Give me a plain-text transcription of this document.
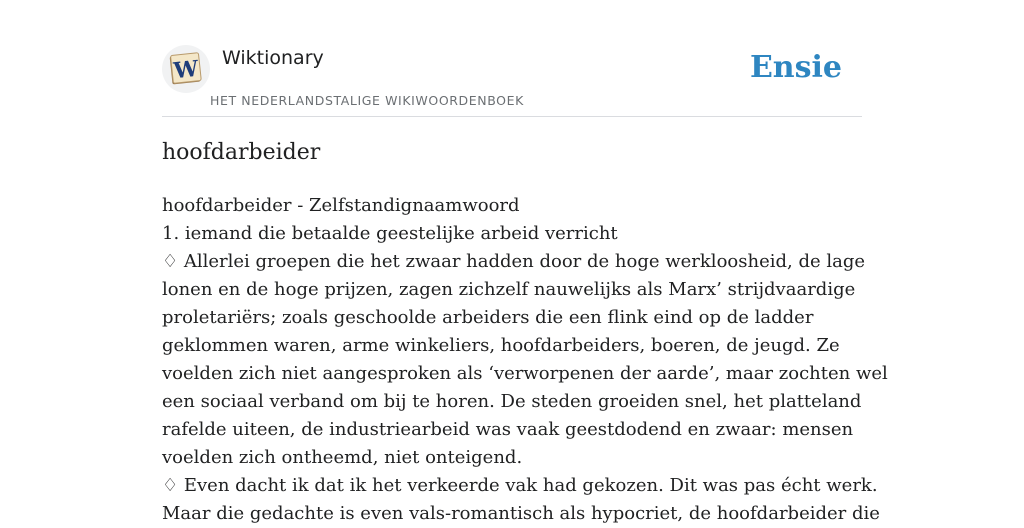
W Wiktionary
HET NEDERLANDSTALIGE WIKIWOORDENBOEK
Ensie
hoofdarbeider

hoofdarbeider - Zelfstandignaamwoord

1. iemand die betaalde geestelijke arbeid verricht

♢ Allerlei groepen die het zwaar hadden door de hoge werkloosheid, de lage
lonen en de hoge prijzen, zagen zichzelf nauwelijks als Marx’ strijdvaardige
proletariërs; zoals geschoolde arbeiders die een flink eind op de ladder
geklommen waren, arme winkeliers, hoofdarbeiders, boeren, de jeugd. Ze
voelden zich niet aangesproken als ‘verworpenen der aarde’, maar zochten wel
een sociaal verband om bij te horen. De steden groeiden snel, het platteland
rafelde uiteen, de industriearbeid was vaak geestdodend en zwaar: mensen
voelden zich ontheemd, niet onteigend.
♢ Even dacht ik dat ik het verkeerde vak had gekozen. Dit was pas écht werk.
Maar die gedachte is even vals-romantisch als hypocriet, de hoofdarbeider die
